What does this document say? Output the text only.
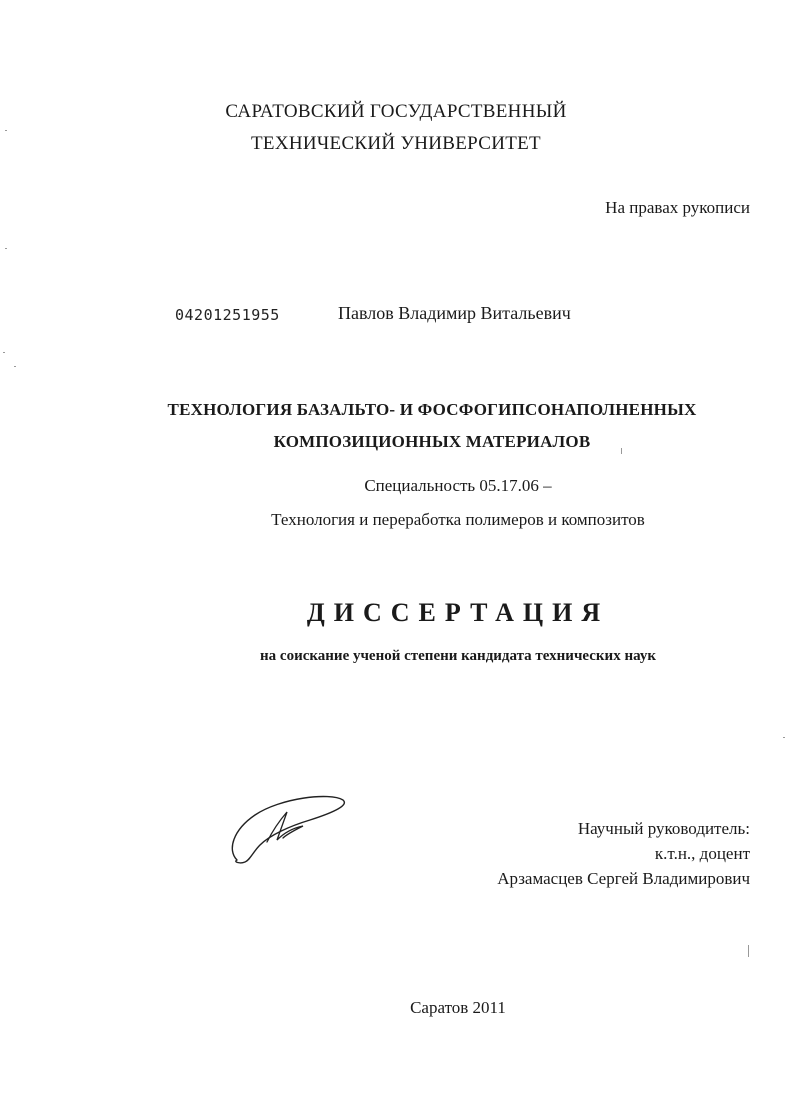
САРАТОВСКИЙ ГОСУДАРСТВЕННЫЙ
ТЕХНИЧЕСКИЙ УНИВЕРСИТЕТ
На правах рукописи
04201251955	Павлов Владимир Витальевич
ТЕХНОЛОГИЯ БАЗАЛЬТО- И ФОСФОГИПСОНАПОЛНЕННЫХ
КОМПОЗИЦИОННЫХ МАТЕРИАЛОВ
Специальность 05.17.06 –
Технология и переработка полимеров и композитов
ДИССЕРТАЦИЯ
на соискание ученой степени кандидата технических наук
Научный руководитель:
к.т.н., доцент
Арзамасцев Сергей Владимирович
Саратов 2011
